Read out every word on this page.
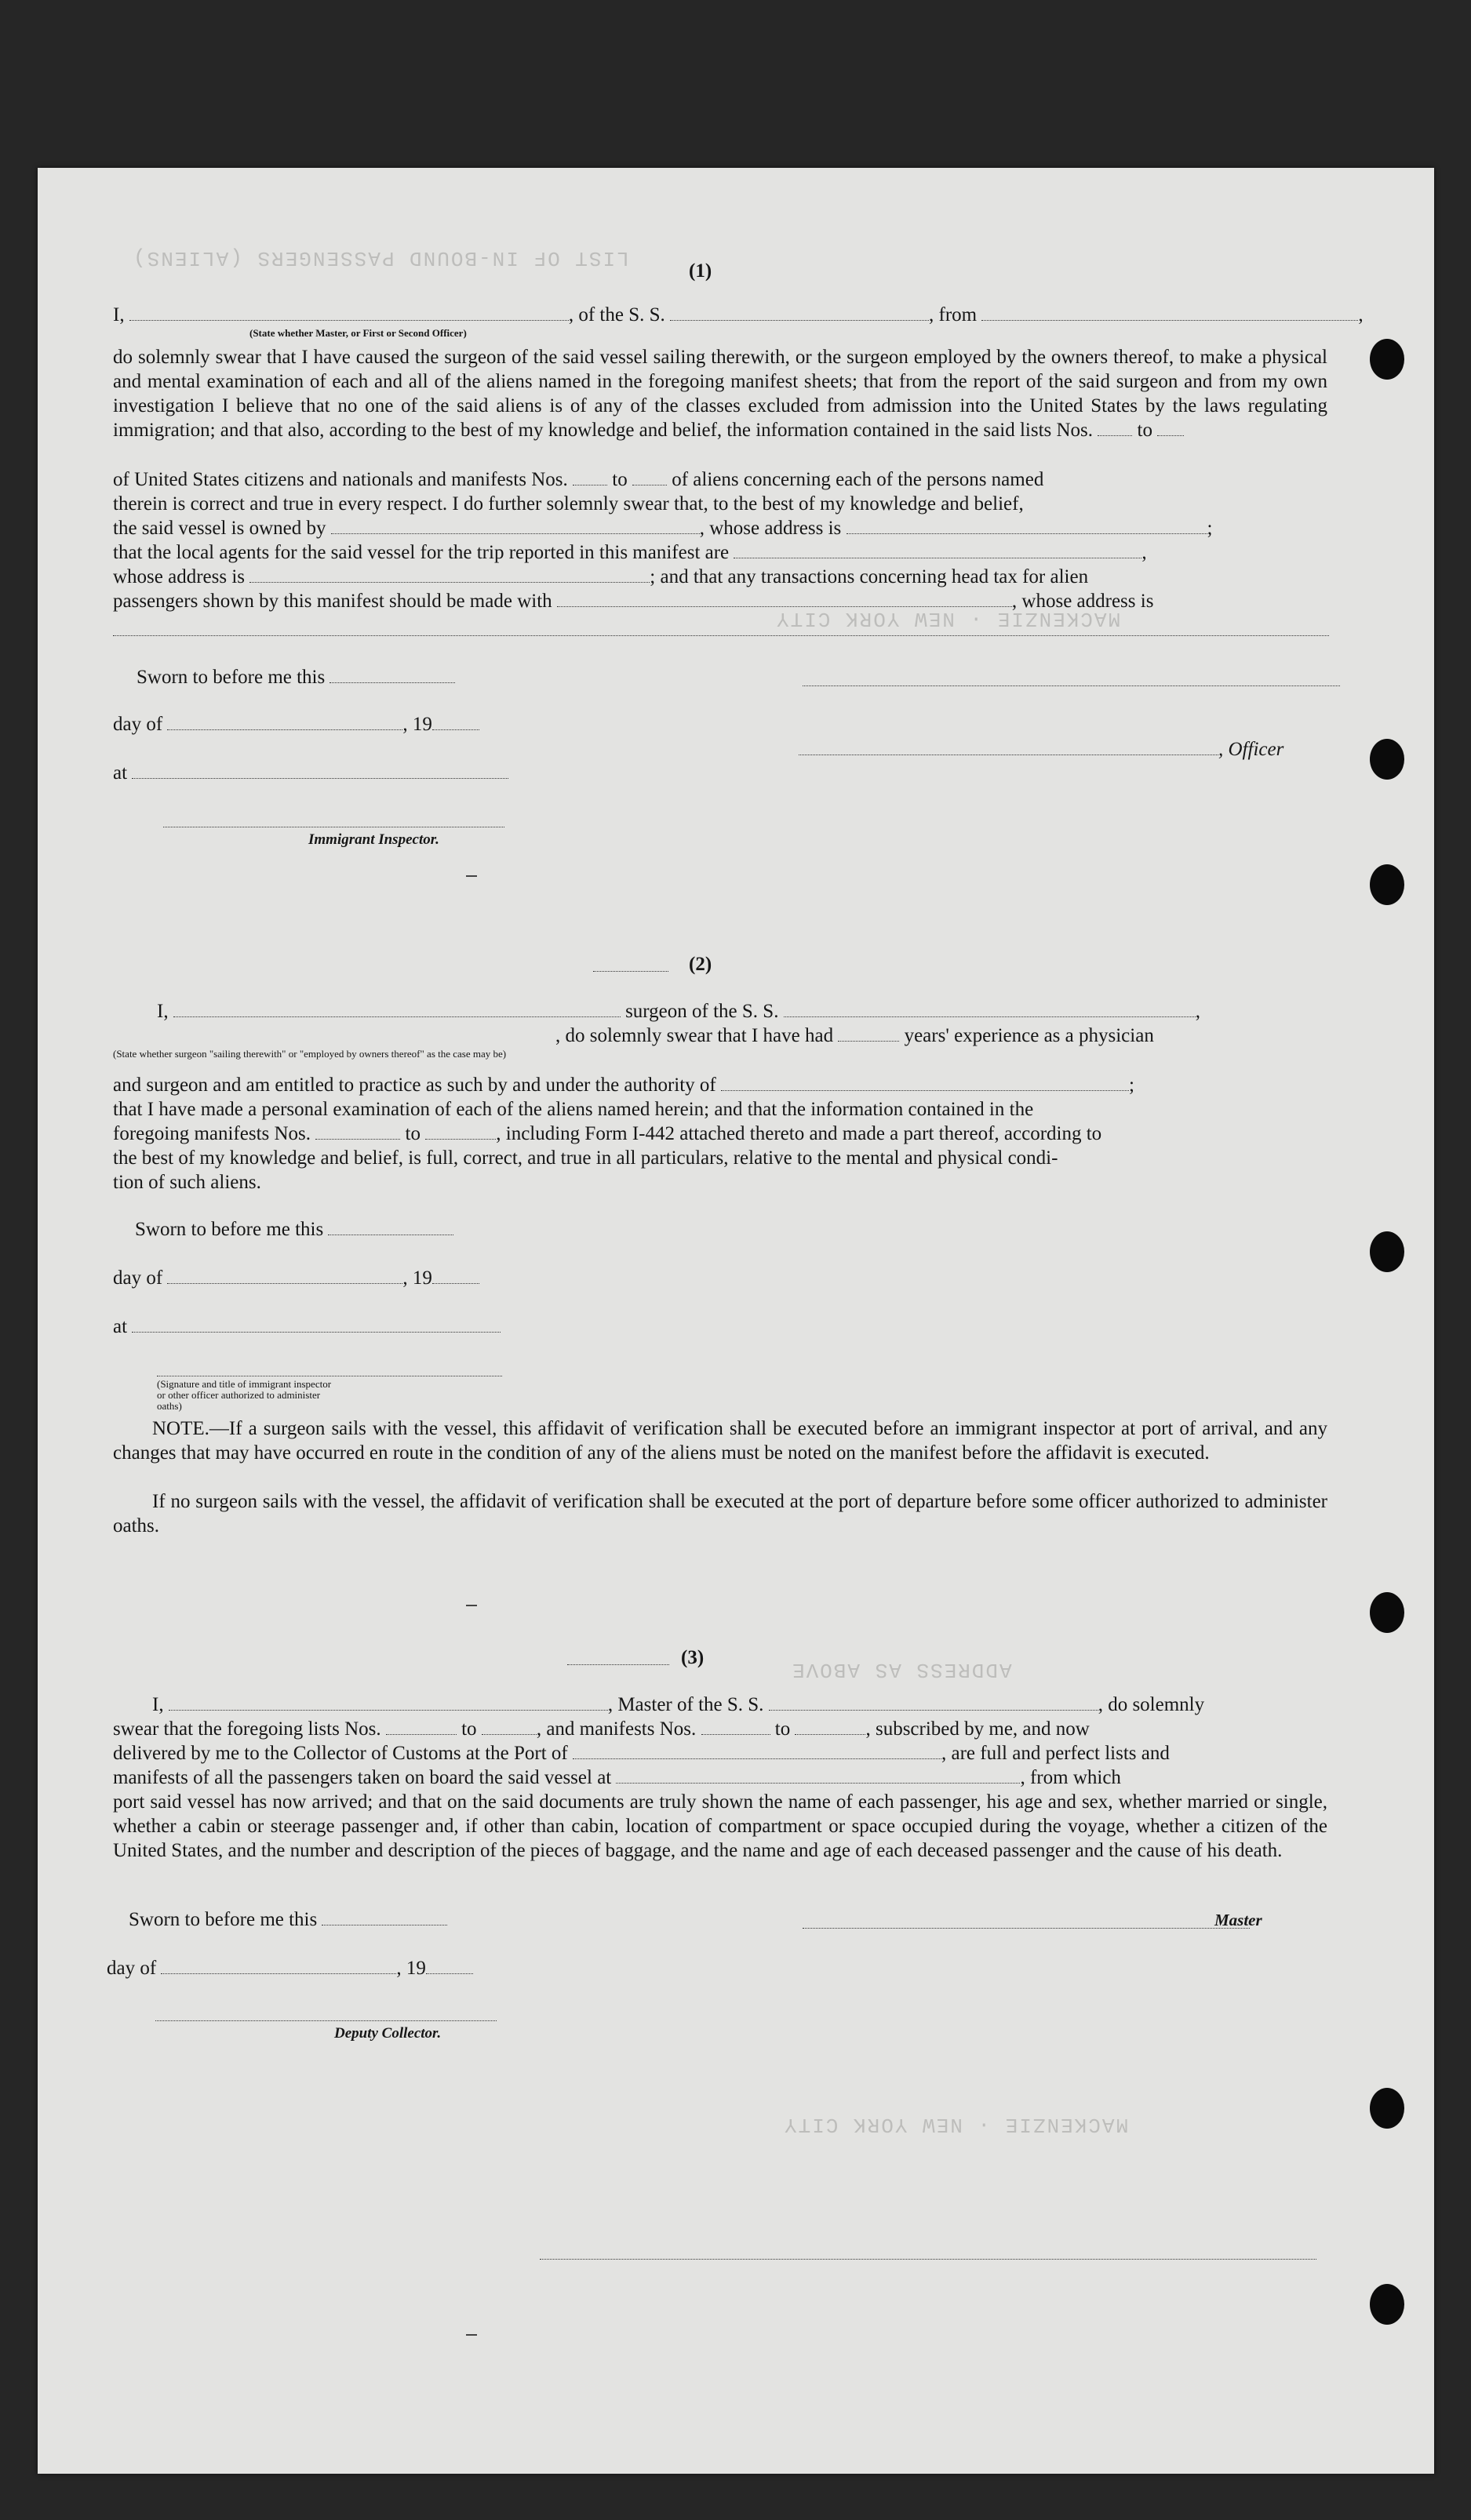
LIST OF IN-BOUND PASSENGERS (ALIENS)
MACKENZIE · NEW YORK CITY
ADDRESS AS ABOVE
MACKENZIE · NEW YORK CITY
(1)
I,	, of the S. S.	, from	,
(State whether Master, or First or Second Officer)
do solemnly swear that I have caused the surgeon of the said vessel sailing therewith, or the surgeon employed by the owners thereof, to make a physical and mental examination of each and all of the aliens named in the foregoing manifest sheets; that from the report of the said surgeon and from my own investigation I believe that no one of the said aliens is of any of the classes excluded from admission into the United States by the laws regulating immigration; and that also, according to the best of my knowledge and belief, the information contained in the said lists Nos. to
of United States citizens and nationals and manifests Nos. to of aliens concerning each of the persons named
therein is correct and true in every respect. I do further solemnly swear that, to the best of my knowledge and belief,
the said vessel is owned by	, whose address is	;
that the local agents for the said vessel for the trip reported in this manifest are	,
whose address is	; and that any transactions concerning head tax for alien
passengers shown by this manifest should be made with	, whose address is
Sworn to before me this
day of	, 19
at
, Officer
Immigrant Inspector.
(2)
I,	surgeon of the S. S.	,
, do solemnly swear that I have had	years' experience as a physician
(State whether surgeon "sailing therewith" or "employed by owners thereof" as the case may be)
and surgeon and am entitled to practice as such by and under the authority of	;
that I have made a personal examination of each of the aliens named herein; and that the information contained in the
foregoing manifests Nos.	to	, including Form I-442 attached thereto and made a part thereof, according to
the best of my knowledge and belief, is full, correct, and true in all particulars, relative to the mental and physical condi-
tion of such aliens.
Sworn to before me this
day of	, 19
at
(Signature and title of immigrant inspector or other officer authorized to administer oaths)
NOTE.—If a surgeon sails with the vessel, this affidavit of verification shall be executed before an immigrant inspector at port of arrival, and any changes that may have occurred en route in the condition of any of the aliens must be noted on the manifest before the affidavit is executed.
If no surgeon sails with the vessel, the affidavit of verification shall be executed at the port of departure before some officer authorized to administer oaths.
(3)
I,	, Master of the S. S.	, do solemnly
swear that the foregoing lists Nos.	to	, and manifests Nos.	to	, subscribed by me, and now
delivered by me to the Collector of Customs at the Port of	, are full and perfect lists and
manifests of all the passengers taken on board the said vessel at	, from which
port said vessel has now arrived; and that on the said documents are truly shown the name of each passenger, his age and sex, whether married or single, whether a cabin or steerage passenger and, if other than cabin, location of compartment or space occupied during the voyage, whether a citizen of the United States, and the number and description of the pieces of baggage, and the name and age of each deceased passenger and the cause of his death.
Sworn to before me this	Master
day of	, 19
Deputy Collector.
